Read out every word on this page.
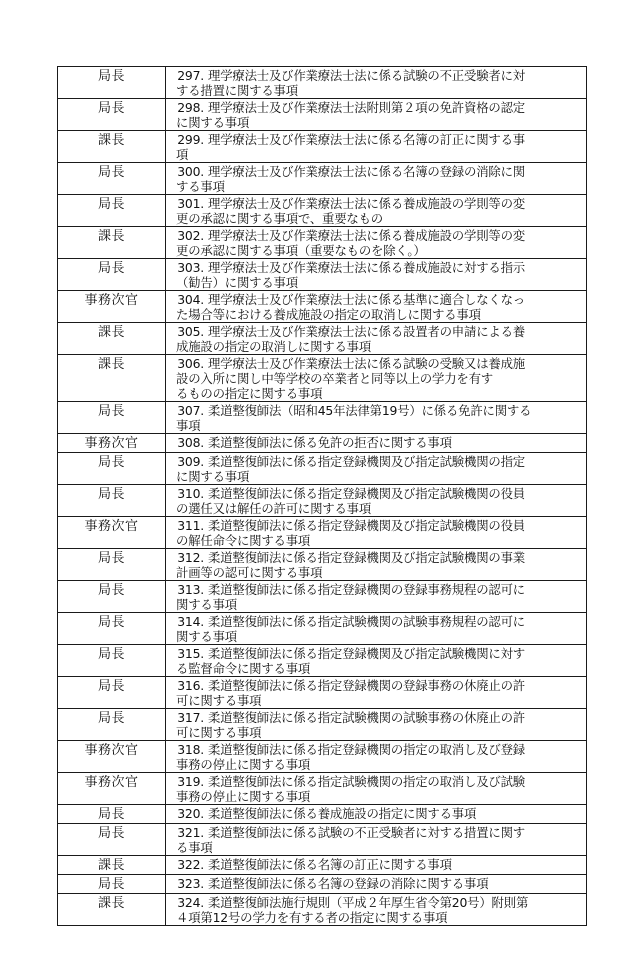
局長	297. 理学療法士及び作業療法士法に係る試験の不正受験者に対
する措置に関する事項

局長	298. 理学療法士及び作業療法士法附則第２項の免許資格の認定
に関する事項

課長	299. 理学療法士及び作業療法士法に係る名簿の訂正に関する事
項

局長	300. 理学療法士及び作業療法士法に係る名簿の登録の消除に関
する事項

局長	301. 理学療法士及び作業療法士法に係る養成施設の学則等の変
更の承認に関する事項で、重要なもの

課長	302. 理学療法士及び作業療法士法に係る養成施設の学則等の変
更の承認に関する事項（重要なものを除く。）

局長	303. 理学療法士及び作業療法士法に係る養成施設に対する指示
（勧告）に関する事項

事務次官	304. 理学療法士及び作業療法士法に係る基準に適合しなくなっ
た場合等における養成施設の指定の取消しに関する事項

課長	305. 理学療法士及び作業療法士法に係る設置者の申請による養
成施設の指定の取消しに関する事項

課長	306. 理学療法士及び作業療法士法に係る試験の受験又は養成施
設の入所に関し中等学校の卒業者と同等以上の学力を有す
るものの指定に関する事項

局長	307. 柔道整復師法（昭和45年法律第19号）に係る免許に関する
事項

事務次官	308. 柔道整復師法に係る免許の拒否に関する事項

局長	309. 柔道整復師法に係る指定登録機関及び指定試験機関の指定
に関する事項

局長	310. 柔道整復師法に係る指定登録機関及び指定試験機関の役員
の選任又は解任の許可に関する事項

事務次官	311. 柔道整復師法に係る指定登録機関及び指定試験機関の役員
の解任命令に関する事項

局長	312. 柔道整復師法に係る指定登録機関及び指定試験機関の事業
計画等の認可に関する事項

局長	313. 柔道整復師法に係る指定登録機関の登録事務規程の認可に
関する事項

局長	314. 柔道整復師法に係る指定試験機関の試験事務規程の認可に
関する事項

局長	315. 柔道整復師法に係る指定登録機関及び指定試験機関に対す
る監督命令に関する事項

局長	316. 柔道整復師法に係る指定登録機関の登録事務の休廃止の許
可に関する事項

局長	317. 柔道整復師法に係る指定試験機関の試験事務の休廃止の許
可に関する事項

事務次官	318. 柔道整復師法に係る指定登録機関の指定の取消し及び登録
事務の停止に関する事項

事務次官	319. 柔道整復師法に係る指定試験機関の指定の取消し及び試験
事務の停止に関する事項

局長	320. 柔道整復師法に係る養成施設の指定に関する事項

局長	321. 柔道整復師法に係る試験の不正受験者に対する措置に関す
る事項

課長	322. 柔道整復師法に係る名簿の訂正に関する事項

局長	323. 柔道整復師法に係る名簿の登録の消除に関する事項

課長	324. 柔道整復師法施行規則（平成２年厚生省令第20号）附則第
４項第12号の学力を有する者の指定に関する事項
